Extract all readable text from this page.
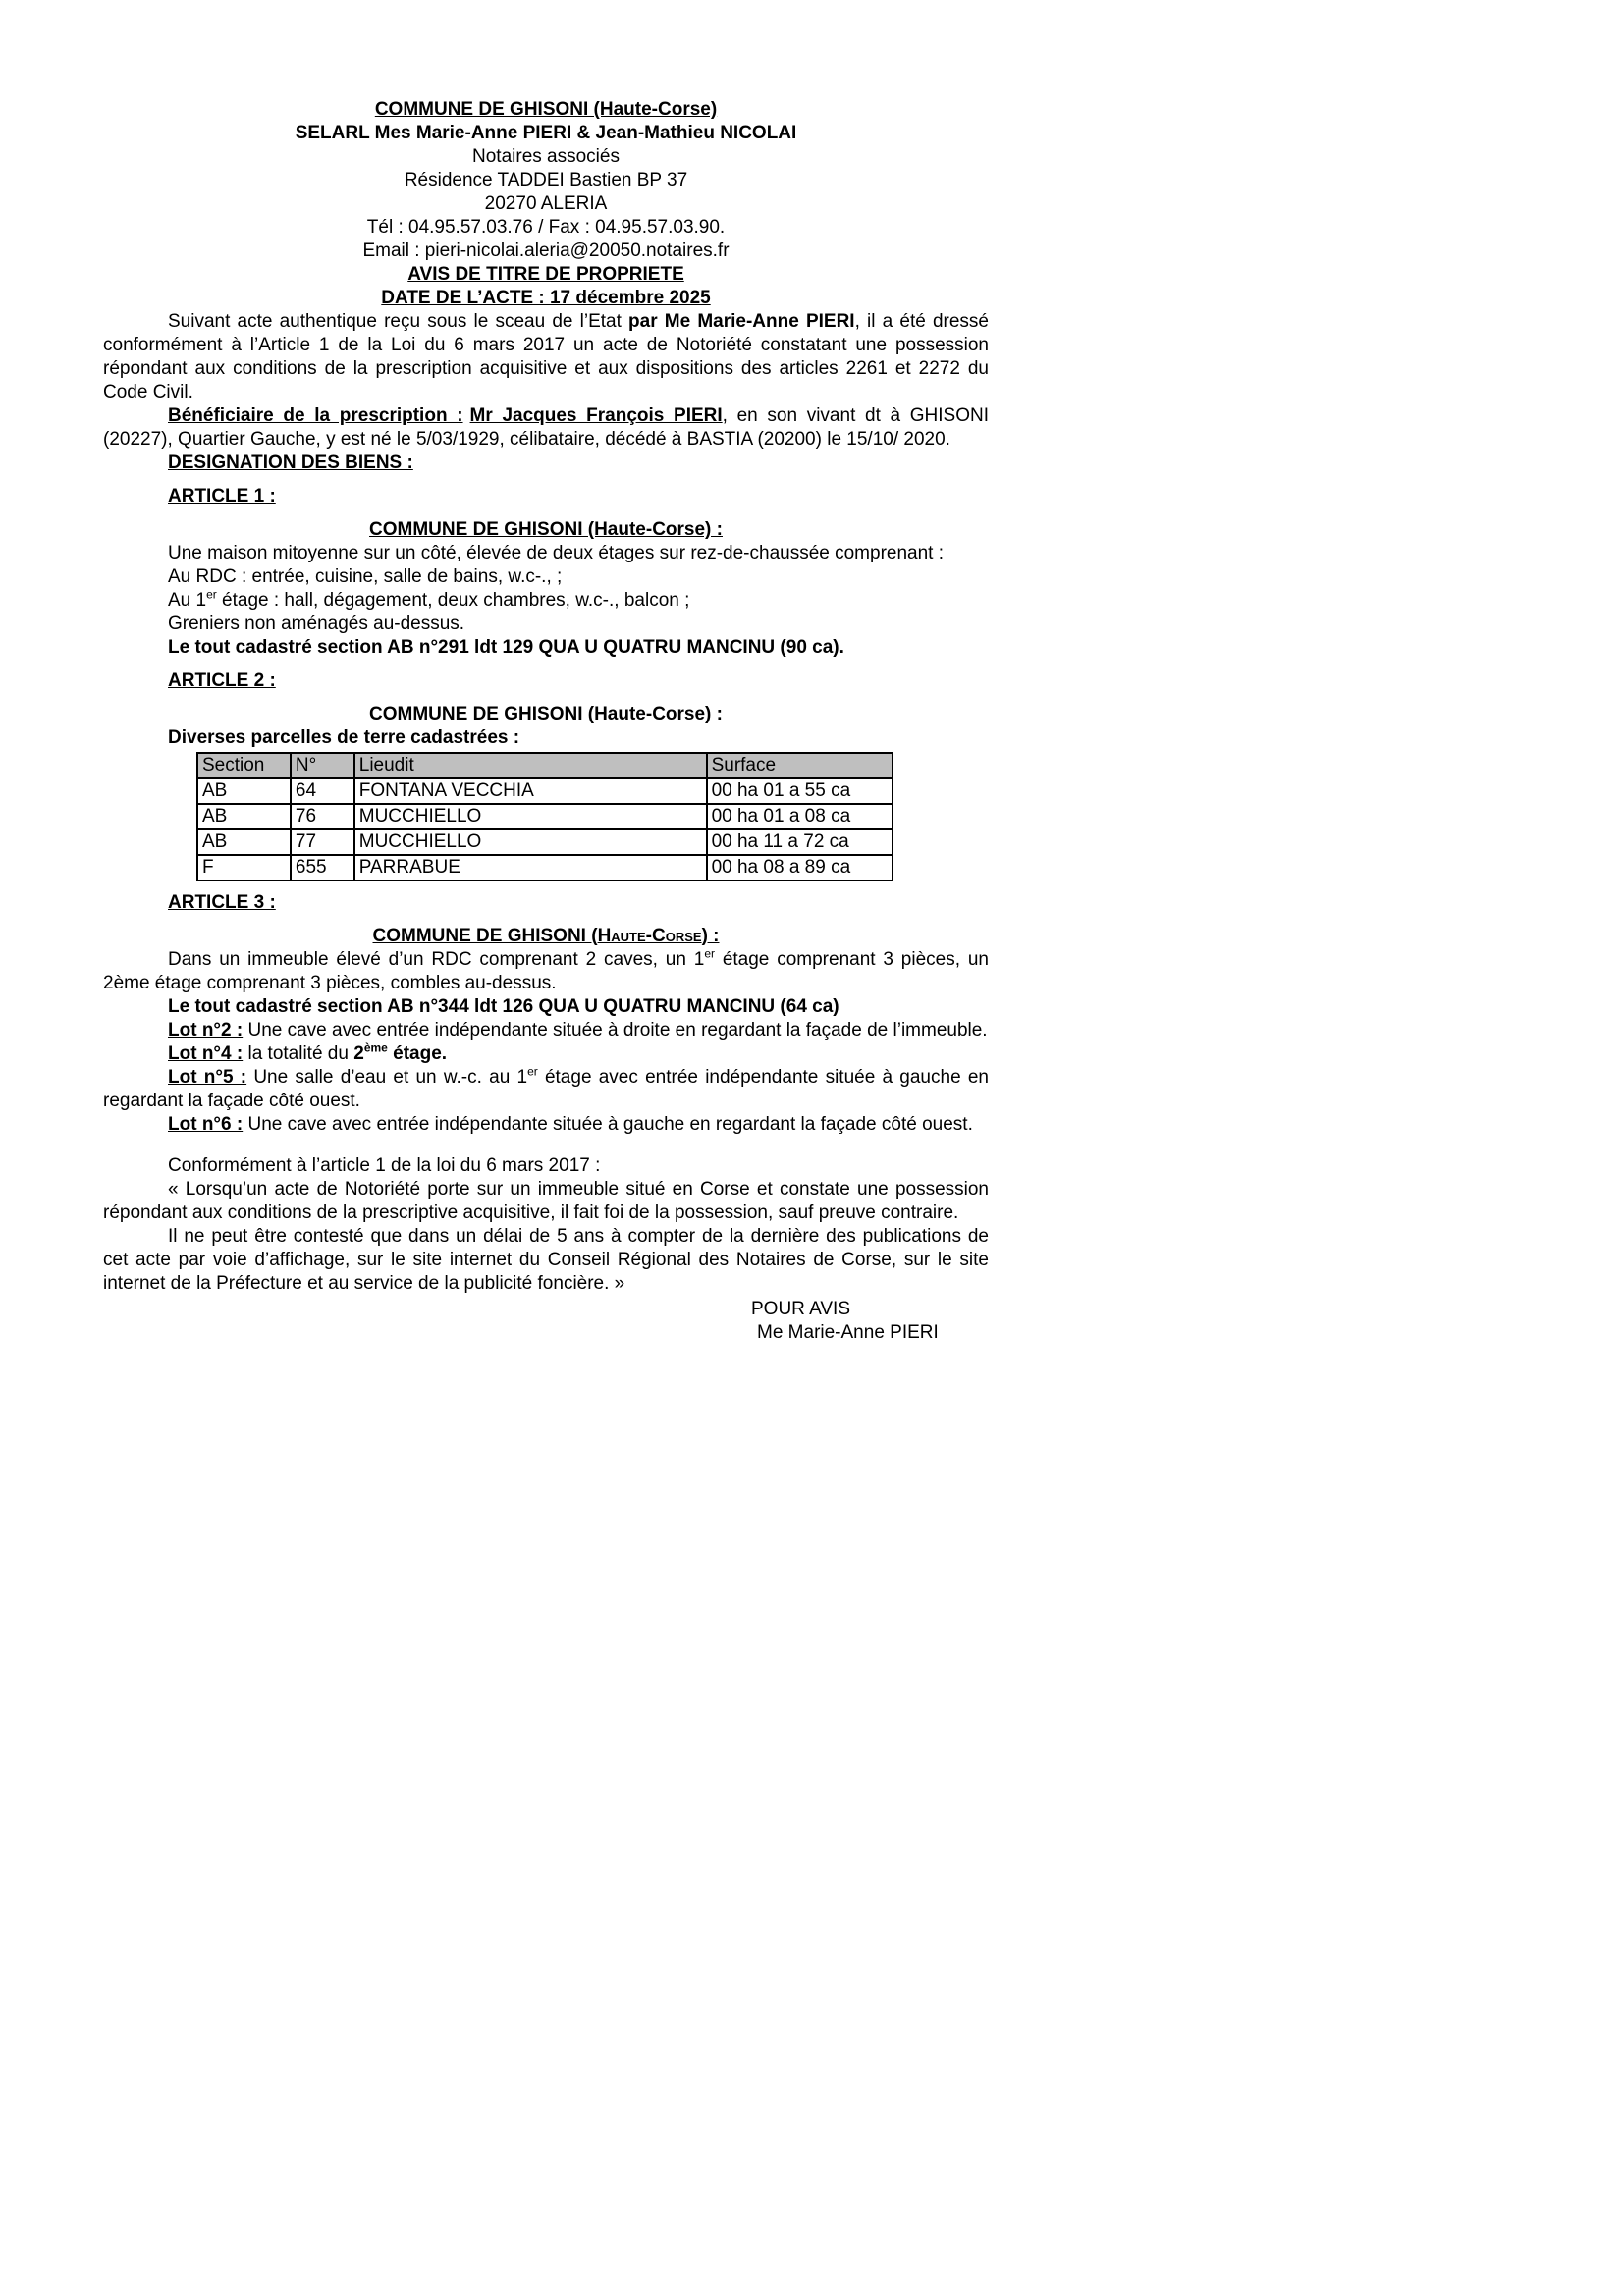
COMMUNE DE GHISONI (Haute-Corse)
SELARL Mes Marie-Anne PIERI & Jean-Mathieu NICOLAI
Notaires associés
Résidence TADDEI Bastien BP 37
20270 ALERIA
Tél : 04.95.57.03.76 / Fax : 04.95.57.03.90.
Email : pieri-nicolai.aleria@20050.notaires.fr
AVIS DE TITRE DE PROPRIETE
DATE DE L’ACTE : 17 décembre 2025

Suivant acte authentique reçu sous le sceau de l’Etat par Me Marie-Anne PIERI, il a été dressé conformément à l’Article 1 de la Loi du 6 mars 2017 un acte de Notoriété constatant une possession répondant aux conditions de la prescription acquisitive et aux dispositions des articles 2261 et 2272 du Code Civil.

Bénéficiaire de la prescription : Mr Jacques François PIERI, en son vivant dt à GHISONI (20227), Quartier Gauche, y est né le 5/03/1929, célibataire, décédé à BASTIA (20200) le 15/10/ 2020.

DESIGNATION DES BIENS :
ARTICLE 1 :
COMMUNE DE GHISONI (Haute-Corse) :
Une maison mitoyenne sur un côté, élevée de deux étages sur rez-de-chaussée comprenant :
Au RDC : entrée, cuisine, salle de bains, w.c-., ;
Au 1er étage : hall, dégagement, deux chambres, w.c-., balcon ;
Greniers non aménagés au-dessus.
Le tout cadastré section AB n°291 ldt 129 QUA U QUATRU MANCINU (90 ca).
ARTICLE 2 :
COMMUNE DE GHISONI (Haute-Corse) :
Diverses parcelles de terre cadastrées :
Section	N°	Lieudit	Surface
AB	64	FONTANA VECCHIA	00 ha 01 a 55 ca
AB	76	MUCCHIELLO	00 ha 01 a 08 ca
AB	77	MUCCHIELLO	00 ha 11 a 72 ca
F	655	PARRABUE	00 ha 08 a 89 ca
ARTICLE 3 :
COMMUNE DE GHISONI (Haute-Corse) :

Dans un immeuble élevé d’un RDC comprenant 2 caves, un 1er étage comprenant 3 pièces, un 2ème étage comprenant 3 pièces, combles au-dessus.

Le tout cadastré section AB n°344 ldt 126 QUA U QUATRU MANCINU (64 ca)

Lot n°2 : Une cave avec entrée indépendante située à droite en regardant la façade de l’immeuble.

Lot n°4 : la totalité du 2ème étage.

Lot n°5 : Une salle d’eau et un w.-c. au 1er étage avec entrée indépendante située à gauche en regardant la façade côté ouest.

Lot n°6 : Une cave avec entrée indépendante située à gauche en regardant la façade côté ouest.

Conformément à l’article 1 de la loi du 6 mars 2017 :

« Lorsqu’un acte de Notoriété porte sur un immeuble situé en Corse et constate une possession répondant aux conditions de la prescriptive acquisitive, il fait foi de la possession, sauf preuve contraire.

Il ne peut être contesté que dans un délai de 5 ans à compter de la dernière des publications de cet acte par voie d’affichage, sur le site internet du Conseil Régional des Notaires de Corse, sur le site internet de la Préfecture et au service de la publicité foncière. »

POUR AVIS
Me Marie-Anne PIERI
